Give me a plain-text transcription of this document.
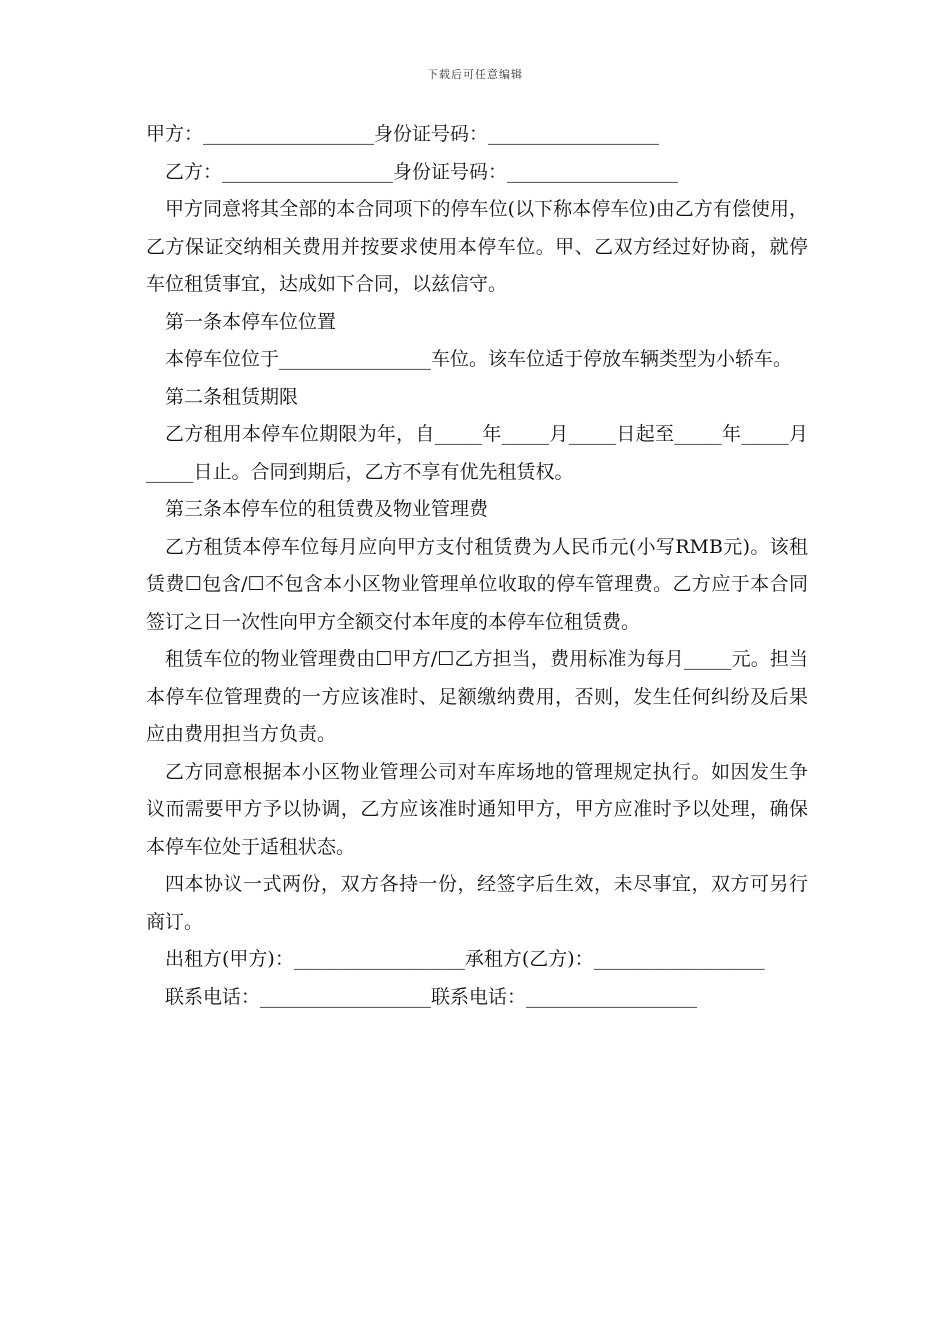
下载后可任意编辑

甲方：__________________身份证号码：__________________

乙方：__________________身份证号码：__________________

甲方同意将其全部的本合同项下的停车位(以下称本停车位)由乙方有偿使用，乙方保证交纳相关费用并按要求使用本停车位。甲、乙双方经过好协商，就停车位租赁事宜，达成如下合同，以兹信守。

第一条本停车位位置

本停车位位于________________车位。该车位适于停放车辆类型为小轿车。

第二条租赁期限

乙方租用本停车位期限为年，自_____年_____月_____日起至_____年_____月_____日止。合同到期后，乙方不享有优先租赁权。

第三条本停车位的租赁费及物业管理费

乙方租赁本停车位每月应向甲方支付租赁费为人民币元(小写RMB元)。该租赁费☐包含/☐不包含本小区物业管理单位收取的停车管理费。乙方应于本合同签订之日一次性向甲方全额交付本年度的本停车位租赁费。

租赁车位的物业管理费由☐甲方/☐乙方担当，费用标准为每月_____元。担当本停车位管理费的一方应该准时、足额缴纳费用，否则，发生任何纠纷及后果应由费用担当方负责。

乙方同意根据本小区物业管理公司对车库场地的管理规定执行。如因发生争议而需要甲方予以协调，乙方应该准时通知甲方，甲方应准时予以处理，确保本停车位处于适租状态。

四本协议一式两份，双方各持一份，经签字后生效，未尽事宜，双方可另行商订。

出租方(甲方)：__________________承租方(乙方)：__________________

联系电话：__________________联系电话：__________________
